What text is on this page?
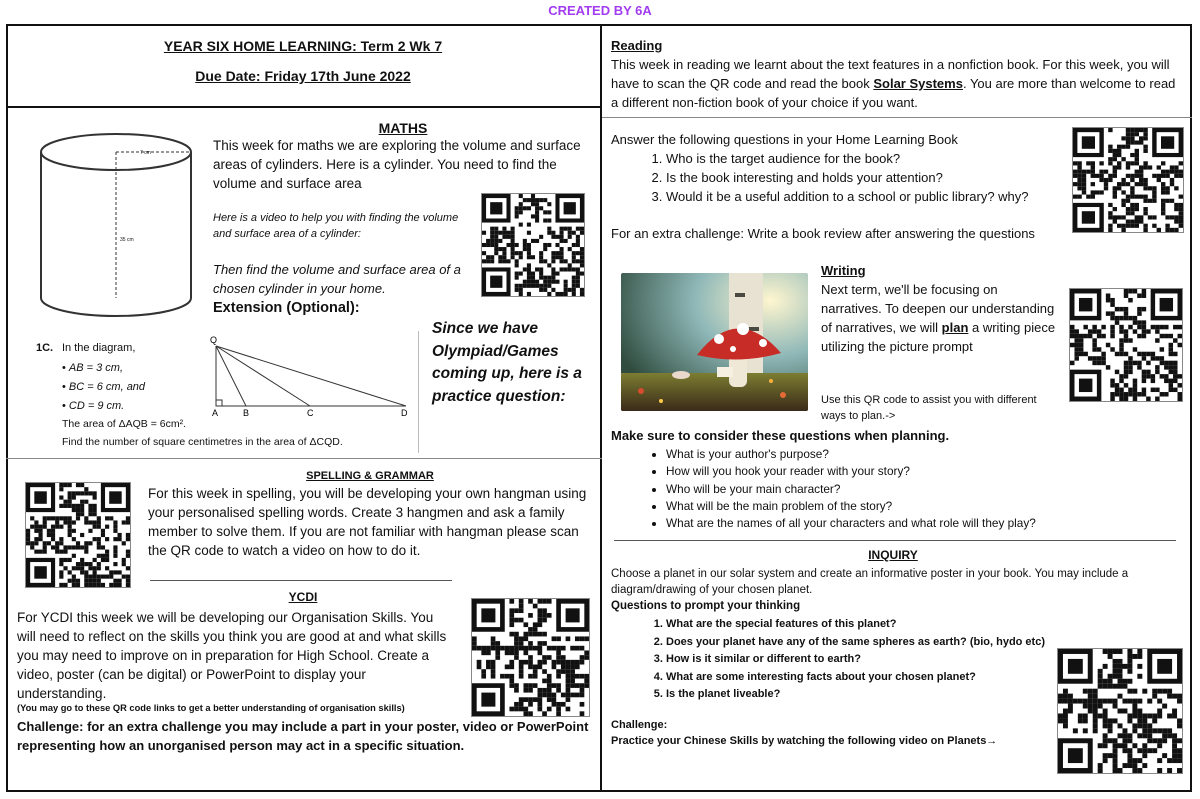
CREATED BY 6A
YEAR SIX HOME LEARNING: Term 2 Wk 7
Due Date: Friday 17th June 2022
7 cm
35 cm
MATHS
This week for maths we are exploring the volume and surface areas of cylinders. Here is a cylinder. You need to find the volume and surface area
Here is a video to help you with finding the volume and surface area of a cylinder:
Then find the volume and surface area of a chosen cylinder in your home.
Extension (Optional):
1C. In the diagram,
• AB = 3 cm,
• BC = 6 cm, and
• CD = 9 cm.
The area of ΔAQB = 6cm².
Find the number of square centimetres in the area of ΔCQD.
Q
A	B	C	D
Since we have Olympiad/Games coming up, here is a practice question:
SPELLING & GRAMMAR
For this week in spelling, you will be developing your own hangman using your personalised spelling words. Create 3 hangmen and ask a family member to solve them. If you are not familiar with hangman please scan the QR code to watch a video on how to do it.
YCDI
For YCDI this week we will be developing our Organisation Skills. You will need to reflect on the skills you think you are good at and what skills you may need to improve on in preparation for High School. Create a video, poster (can be digital) or PowerPoint to display your understanding.
(You may go to these QR code links to get a better understanding of organisation skills)
Challenge: for an extra challenge you may include a part in your poster, video or PowerPoint representing how an unorganised person may act in a specific situation.
Reading
This week in reading we learnt about the text features in a nonfiction book. For this week, you will have to scan the QR code and read the book Solar Systems. You are more than welcome to read a different non-fiction book of your choice if you want.
Answer the following questions in your Home Learning Book
1. Who is the target audience for the book?
2. Is the book interesting and holds your attention?
3. Would it be a useful addition to a school or public library? why?
For an extra challenge: Write a book review after answering the questions
Writing
Next term, we'll be focusing on narratives. To deepen our understanding of narratives, we will plan a writing piece utilizing the picture prompt
Use this QR code to assist you with different ways to plan.->
Make sure to consider these questions when planning.
• What is your author's purpose?
• How will you hook your reader with your story?
• Who will be your main character?
• What will be the main problem of the story?
• What are the names of all your characters and what role will they play?
INQUIRY
Choose a planet in our solar system and create an informative poster in your book. You may include a diagram/drawing of your chosen planet.
Questions to prompt your thinking
1. What are the special features of this planet?
2. Does your planet have any of the same spheres as earth? (bio, hydo etc)
3. How is it similar or different to earth?
4. What are some interesting facts about your chosen planet?
5. Is the planet liveable?
Challenge:
Practice your Chinese Skills by watching the following video on Planets→
